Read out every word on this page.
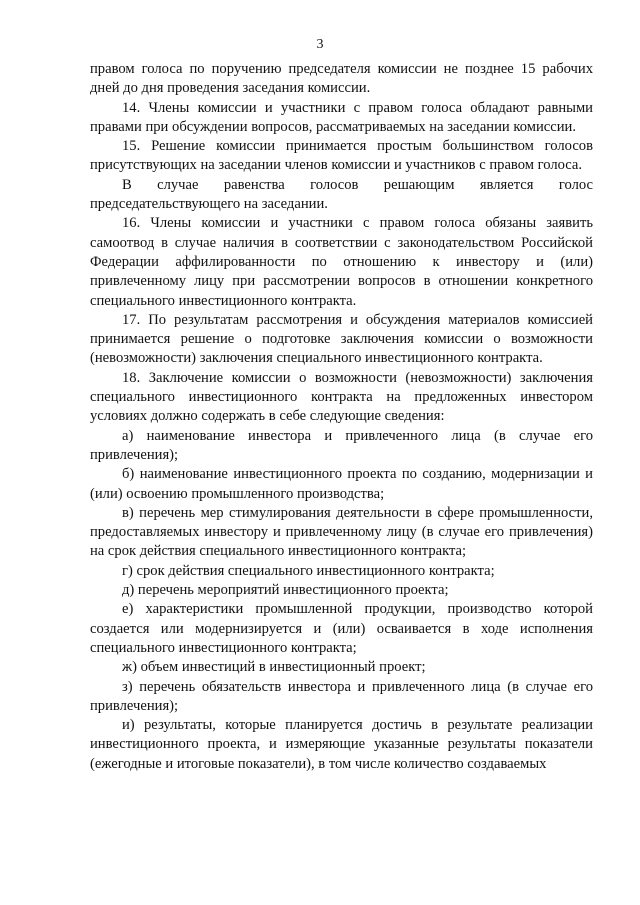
3

правом голоса по поручению председателя комиссии не позднее 15 рабочих дней до дня проведения заседания комиссии.

14. Члены комиссии и участники с правом голоса обладают равными правами при обсуждении вопросов, рассматриваемых на заседании комиссии.

15. Решение комиссии принимается простым большинством голосов присутствующих на заседании членов комиссии и участников с правом голоса.

В случае равенства голосов решающим является голос председательствующего на заседании.

16. Члены комиссии и участники с правом голоса обязаны заявить самоотвод в случае наличия в соответствии с законодательством Российской Федерации аффилированности по отношению к инвестору и (или) привлеченному лицу при рассмотрении вопросов в отношении конкретного специального инвестиционного контракта.

17. По результатам рассмотрения и обсуждения материалов комиссией принимается решение о подготовке заключения комиссии о возможности (невозможности) заключения специального инвестиционного контракта.

18. Заключение комиссии о возможности (невозможности) заключения специального инвестиционного контракта на предложенных инвестором условиях должно содержать в себе следующие сведения:

а) наименование инвестора и привлеченного лица (в случае его привлечения);

б) наименование инвестиционного проекта по созданию, модернизации и (или) освоению промышленного производства;

в) перечень мер стимулирования деятельности в сфере промышленности, предоставляемых инвестору и привлеченному лицу (в случае его привлечения) на срок действия специального инвестиционного контракта;

г) срок действия специального инвестиционного контракта;

д) перечень мероприятий инвестиционного проекта;

е) характеристики промышленной продукции, производство которой создается или модернизируется и (или) осваивается в ходе исполнения специального инвестиционного контракта;

ж) объем инвестиций в инвестиционный проект;

з) перечень обязательств инвестора и привлеченного лица (в случае его привлечения);

и) результаты, которые планируется достичь в результате реализации инвестиционного проекта, и измеряющие указанные результаты показатели (ежегодные и итоговые показатели), в том числе количество создаваемых
